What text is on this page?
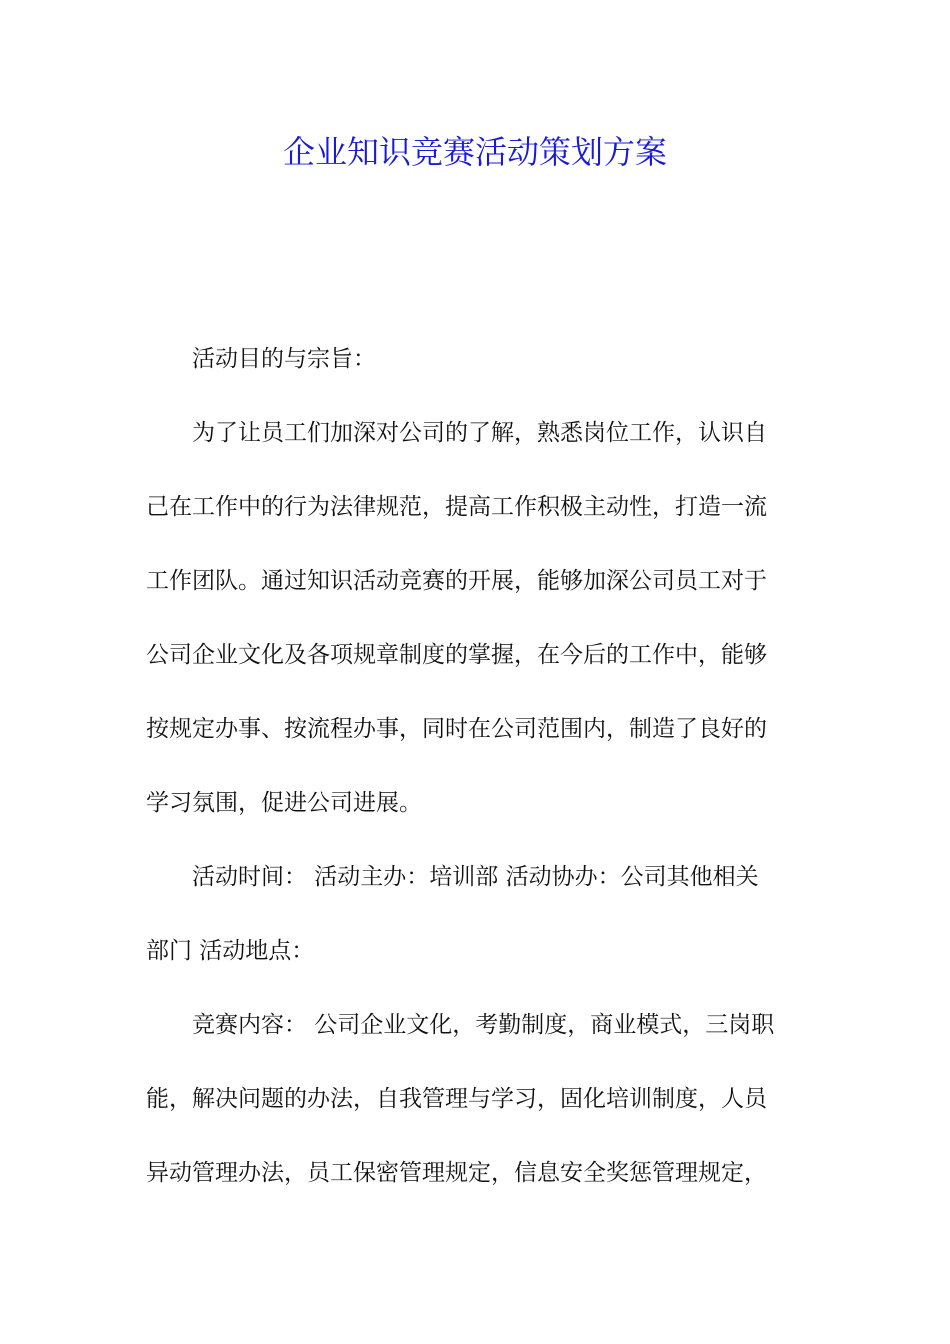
企业知识竞赛活动策划方案
活动目的与宗旨：
为了让员工们加深对公司的了解，熟悉岗位工作，认识自
己在工作中的行为法律规范，提高工作积极主动性，打造一流
工作团队。通过知识活动竞赛的开展，能够加深公司员工对于
公司企业文化及各项规章制度的掌握，在今后的工作中，能够
按规定办事、按流程办事，同时在公司范围内，制造了良好的
学习氛围，促进公司进展。
活动时间： 活动主办：培训部 活动协办：公司其他相关
部门 活动地点：
竞赛内容： 公司企业文化，考勤制度，商业模式，三岗职
能，解决问题的办法，自我管理与学习，固化培训制度，人员
异动管理办法，员工保密管理规定，信息安全奖惩管理规定，
